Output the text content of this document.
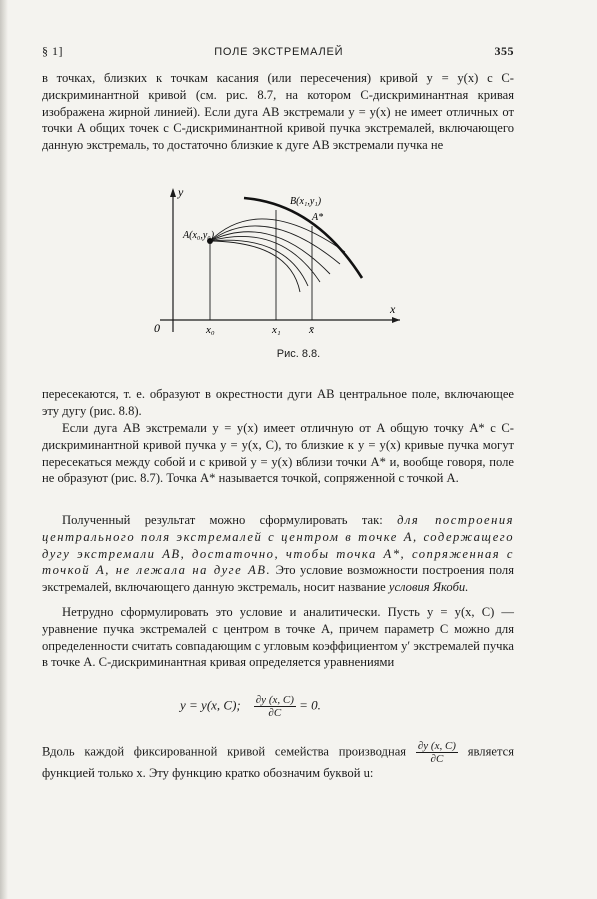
§ 1]	ПОЛЕ ЭКСТРЕМАЛЕЙ	355

в точках, близких к точкам касания (или пересечения) кривой y = y(x) с C-дискриминантной кривой (см. рис. 8.7, на котором C-дискриминантная кривая изображена жирной линией). Если дуга AB экстремали y = y(x) не имеет отличных от точки A общих точек с C-дискриминантной кривой пучка экстремалей, включающего данную экстремаль, то достаточно близкие к дуге AB экстремали пучка не

y
x
0
A(x₀,y₀)
B(x₁,y₁)
A*
x₀	x₁	x̄
Рис. 8.8.

пересекаются, т. е. образуют в окрестности дуги AB центральное поле, включающее эту дугу (рис. 8.8).

Если дуга AB экстремали y = y(x) имеет отличную от A общую точку A* с C-дискриминантной кривой пучка y = y(x, C), то близкие к y = y(x) кривые пучка могут пересекаться между собой и с кривой y = y(x) вблизи точки A* и, вообще говоря, поле не образуют (рис. 8.7). Точка A* называется точкой, сопряженной с точкой A.

Полученный результат можно сформулировать так: для построения центрального поля экстремалей с центром в точке A, содержащего дугу экстремали AB, достаточно, чтобы точка A*, сопряженная с точкой A, не лежала на дуге AB. Это условие возможности построения поля экстремалей, включающего данную экстремаль, носит название условия Якоби.

Нетрудно сформулировать это условие и аналитически. Пусть y = y(x, C) — уравнение пучка экстремалей с центром в точке A, причем параметр C можно для определенности считать совпадающим с угловым коэффициентом y′ экстремалей пучка в точке A. C-дискриминантная кривая определяется уравнениями

y = y(x, C); $\frac{\partial y (x, C)}{\partial C} = 0$.

Вдоль каждой фиксированной кривой семейства производная $\frac{\partial y (x, C)}{\partial C}$ является функцией только x. Эту функцию кратко обозначим буквой u:
